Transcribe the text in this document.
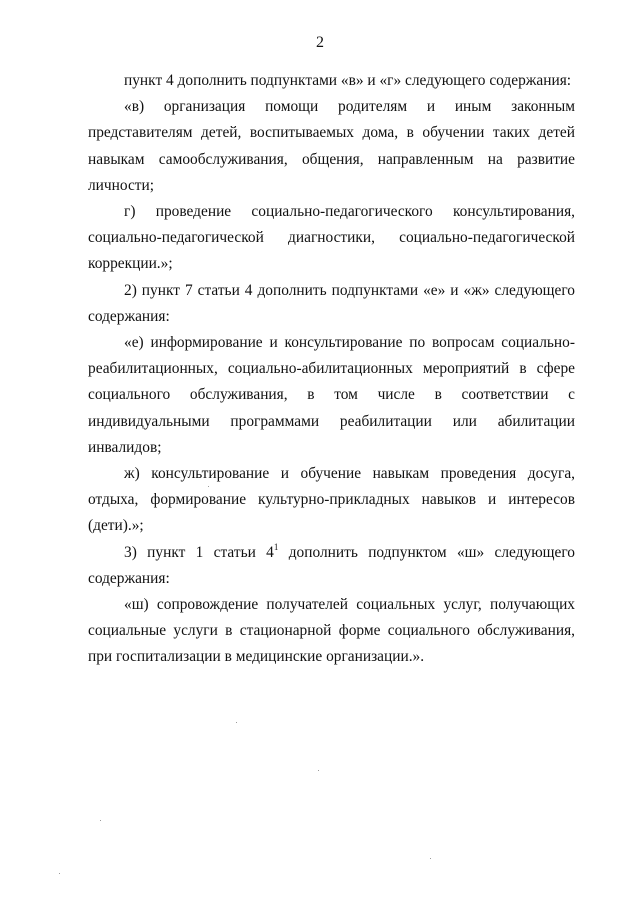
2

пункт 4 дополнить подпунктами «в» и «г» следующего содержания:

«в) организация помощи родителям и иным законным представителям детей, воспитываемых дома, в обучении таких детей навыкам самообслуживания, общения, направленным на развитие личности;

г) проведение социально-педагогического консультирования, социально-педагогической диагностики, социально-педагогической коррекции.»;

2) пункт 7 статьи 4 дополнить подпунктами «е» и «ж» следующего содержания:

«е) информирование и консультирование по вопросам социально-реабилитационных, социально-абилитационных мероприятий в сфере социального обслуживания, в том числе в соответствии с индивидуальными программами реабилитации или абилитации инвалидов;

ж) консультирование и обучение навыкам проведения досуга, отдыха, формирование культурно-прикладных навыков и интересов (дети).»;

3) пункт 1 статьи $4^1$ дополнить подпунктом «ш» следующего содержания:

«ш) сопровождение получателей социальных услуг, получающих социальные услуги в стационарной форме социального обслуживания, при госпитализации в медицинские организации.».
